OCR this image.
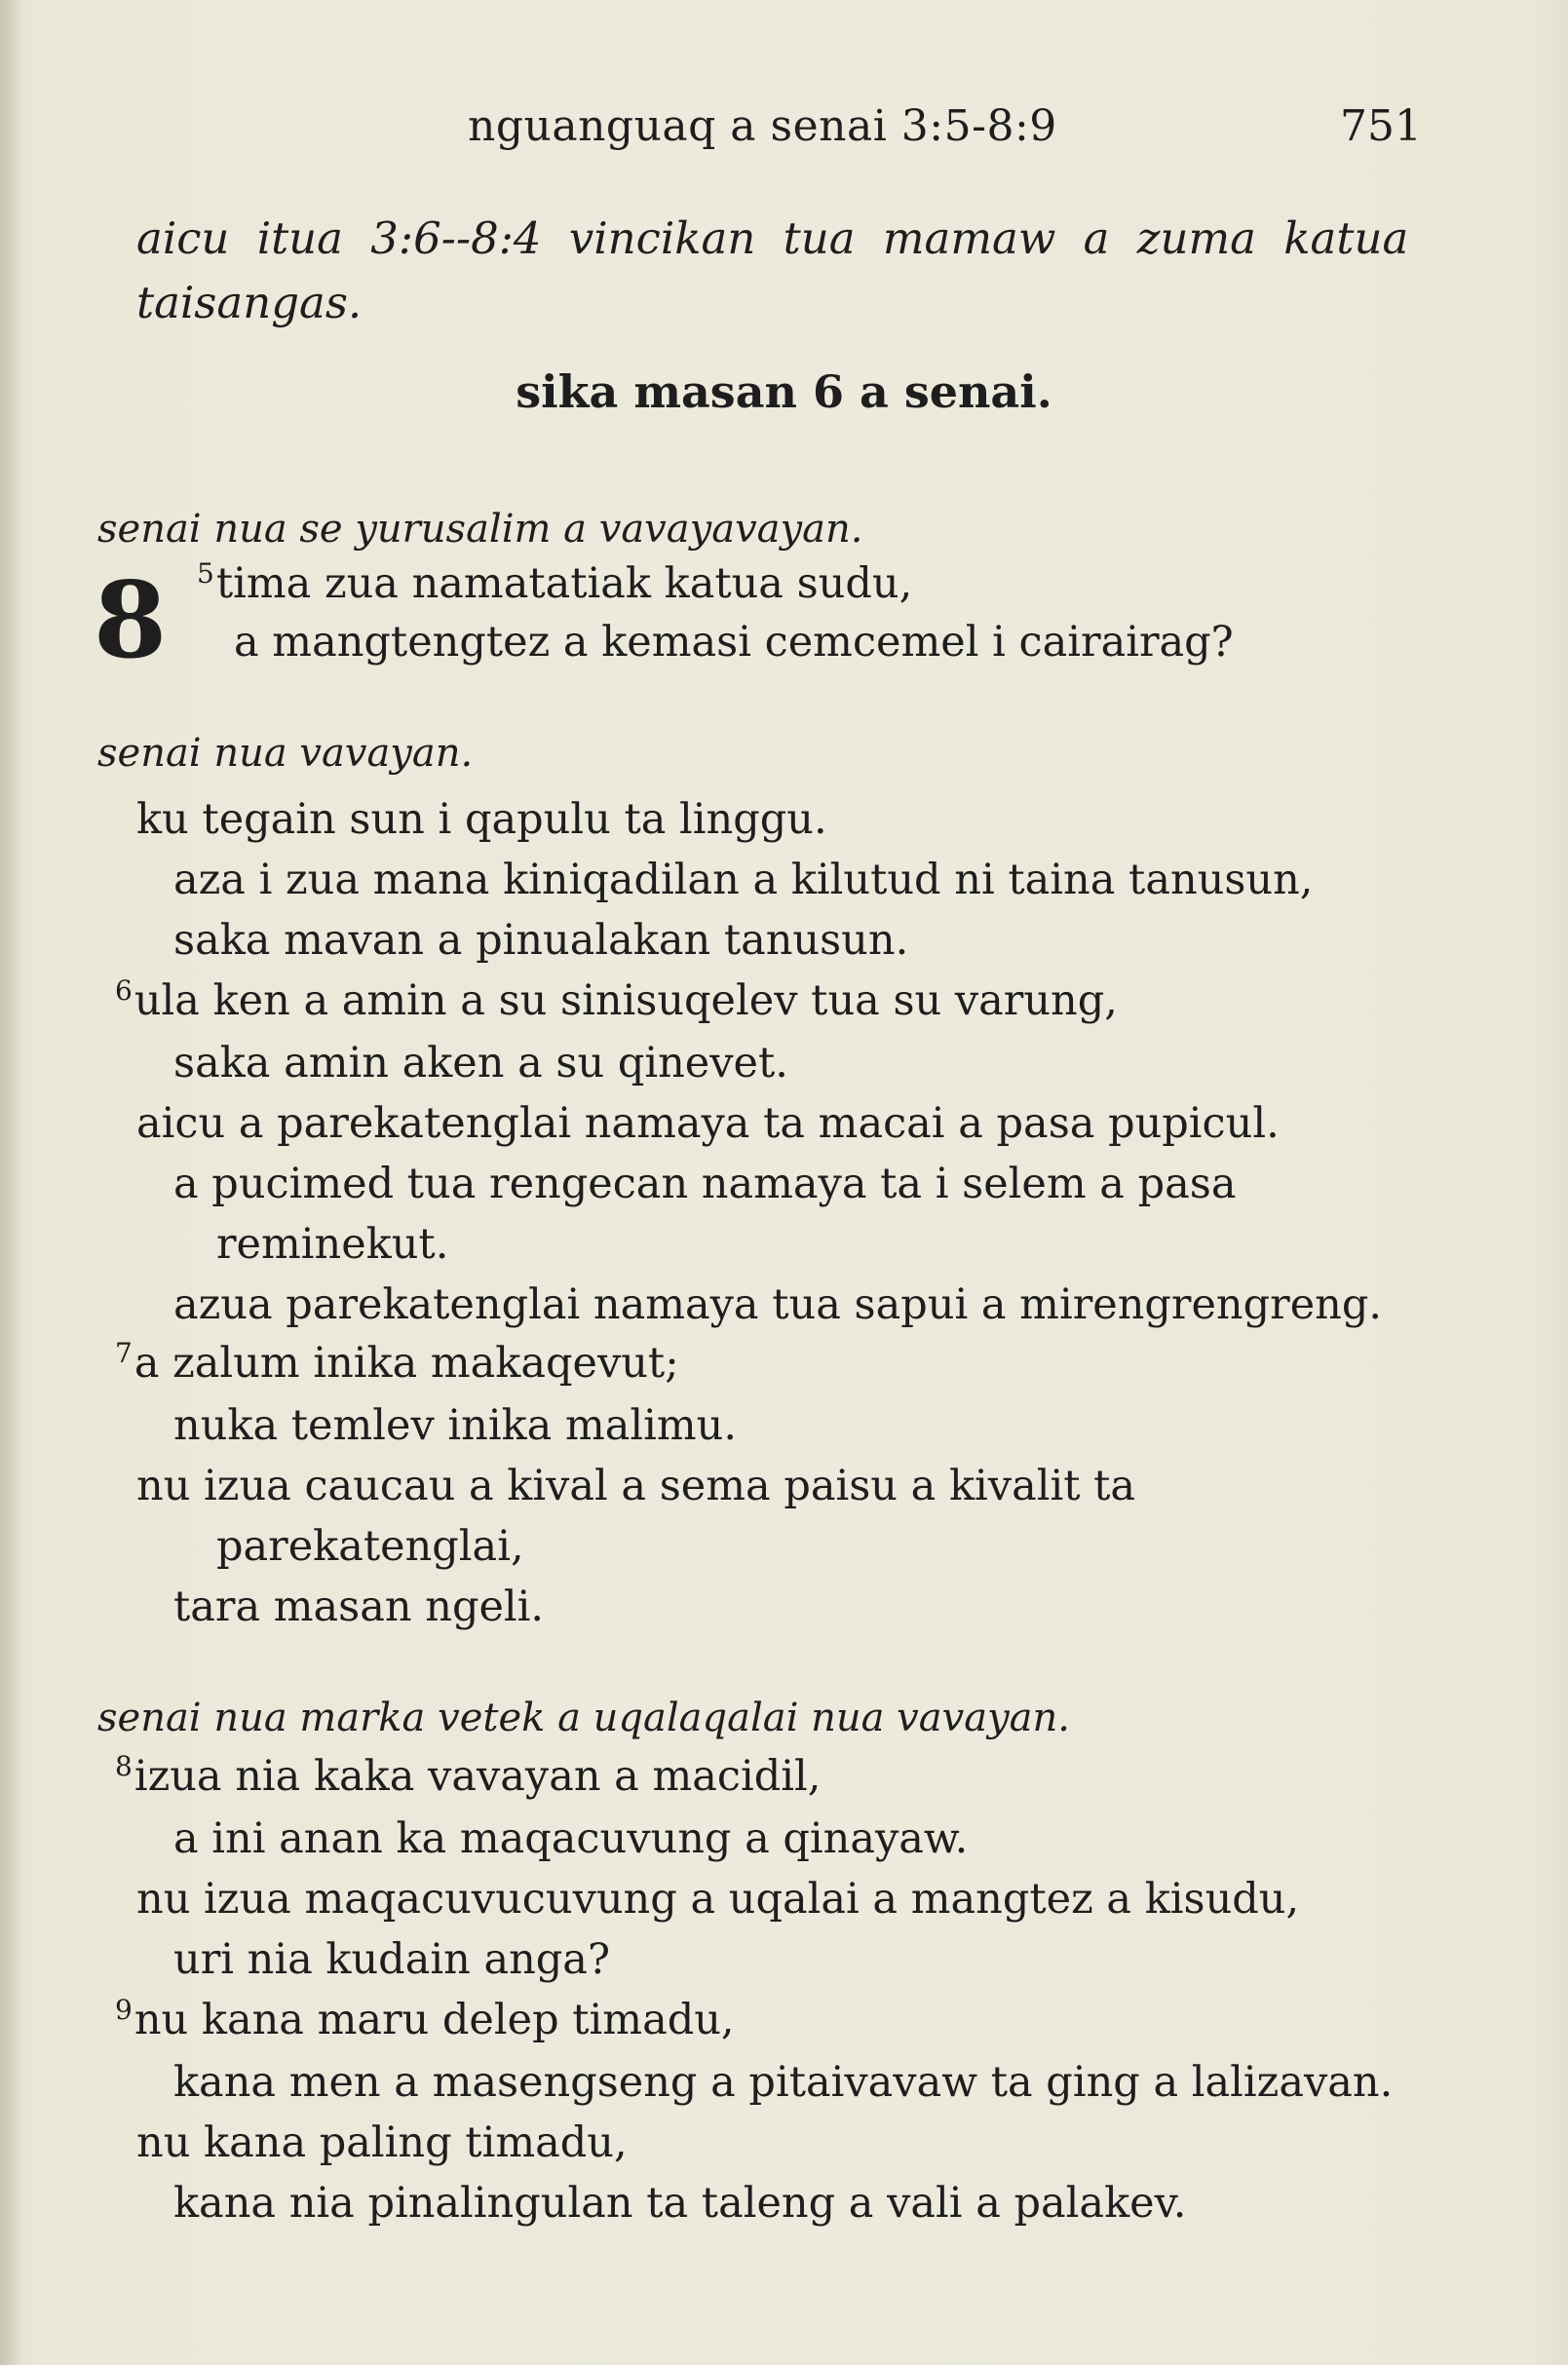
nguanguaq a senai 3:5-8:9	751

aicu itua 3:6--8:4 vincikan tua mamaw a zuma katua taisangas.

sika masan 6 a senai.

senai nua se yurusalim a vavayavayan.

8 $^5$tima zua namatatiak katua sudu,

a mangtengtez a kemasi cemcemel i cairairag?

senai nua vavayan.

ku tegain sun i qapulu ta linggu.

aza i zua mana kiniqadilan a kilutud ni taina tanusun,

saka mavan a pinualakan tanusun.

$^6$ula ken a amin a su sinisuqelev tua su varung,

saka amin aken a su qinevet.

aicu a parekatenglai namaya ta macai a pasa pupicul.

a pucimed tua rengecan namaya ta i selem a pasa

reminekut.

azua parekatenglai namaya tua sapui a mirengrengreng.

$^7$a zalum inika makaqevut;

nuka temlev inika malimu.

nu izua caucau a kival a sema paisu a kivalit ta

parekatenglai,

tara masan ngeli.

senai nua marka vetek a uqalaqalai nua vavayan.

$^8$izua nia kaka vavayan a macidil,

a ini anan ka maqacuvung a qinayaw.

nu izua maqacuvucuvung a uqalai a mangtez a kisudu,

uri nia kudain anga?

$^9$nu kana maru delep timadu,

kana men a masengseng a pitaivavaw ta ging a lalizavan.

nu kana paling timadu,

kana nia pinalingulan ta taleng a vali a palakev.
